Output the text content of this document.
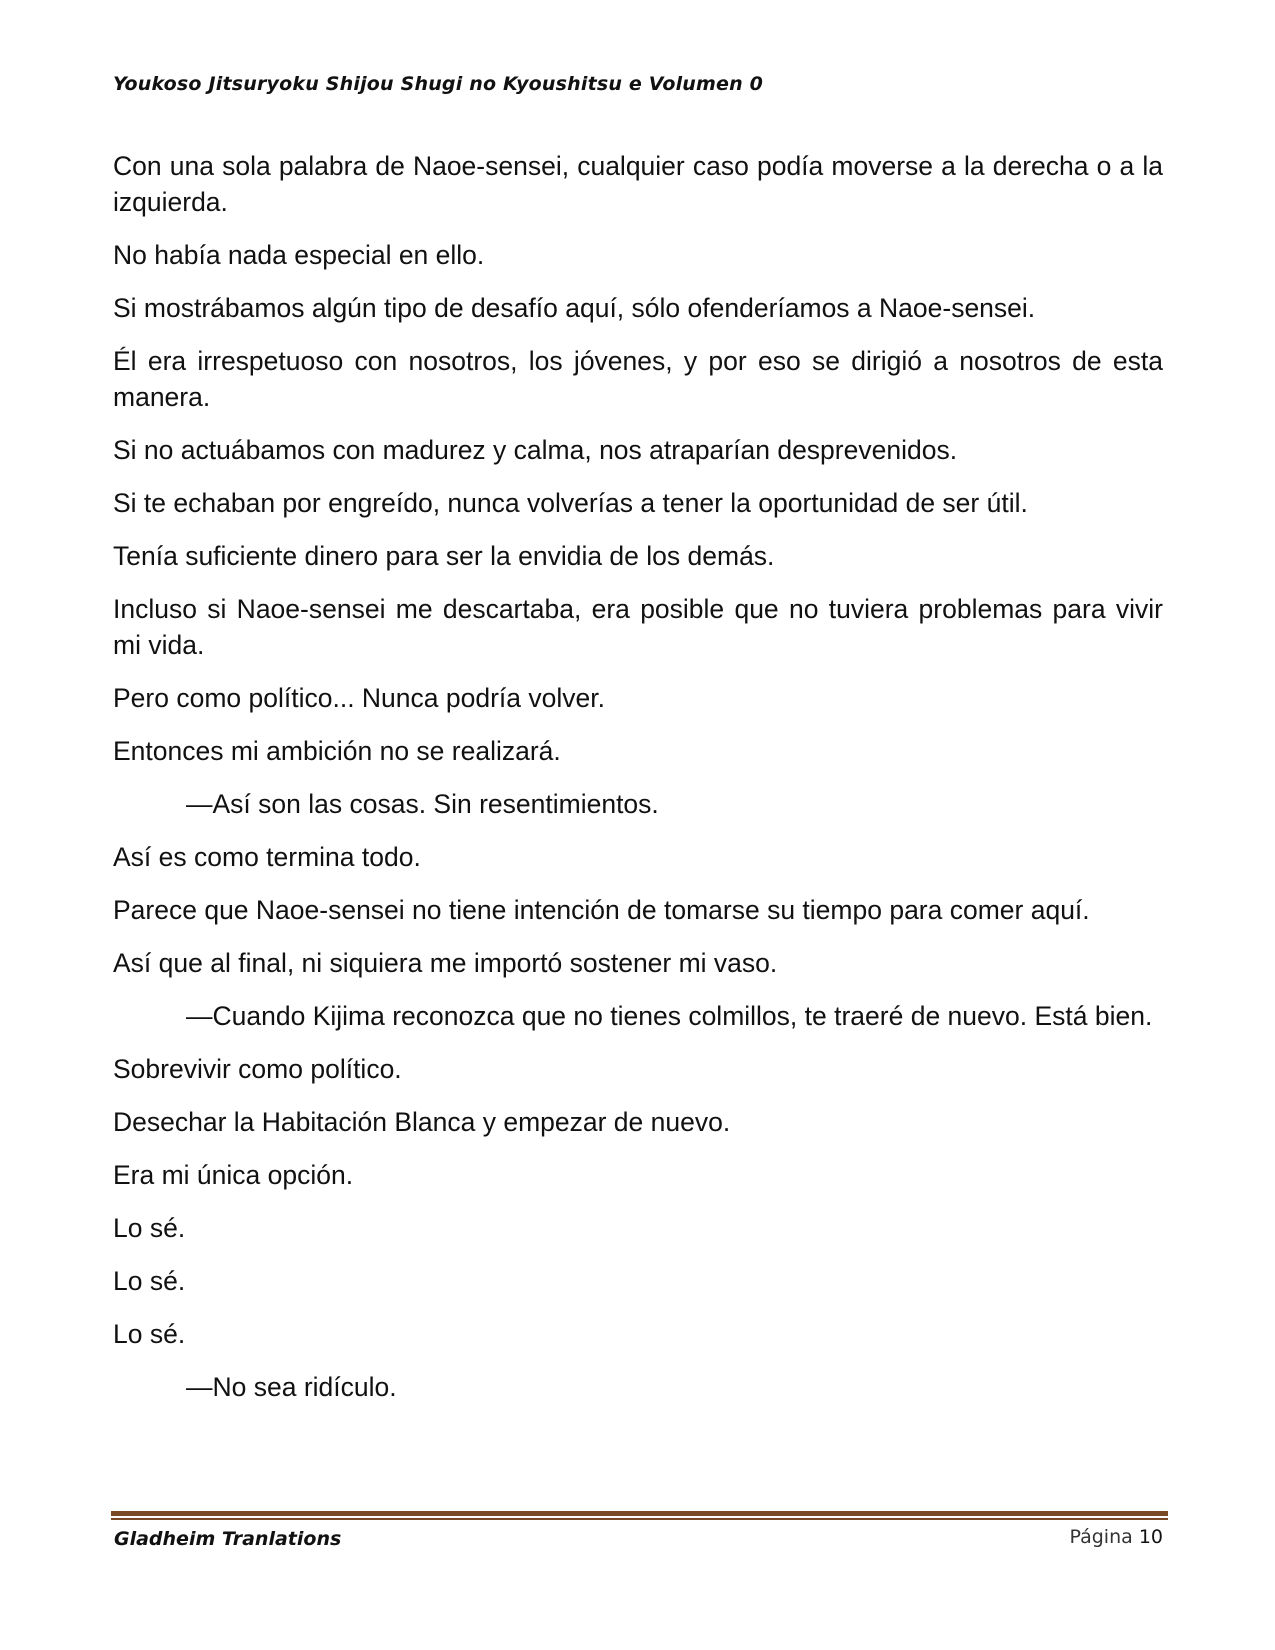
Youkoso Jitsuryoku Shijou Shugi no Kyoushitsu e Volumen 0

Con una sola palabra de Naoe-sensei, cualquier caso podía moverse a la derecha o a la izquierda.

No había nada especial en ello.

Si mostrábamos algún tipo de desafío aquí, sólo ofenderíamos a Naoe-sensei.

Él era irrespetuoso con nosotros, los jóvenes, y por eso se dirigió a nosotros de esta manera.

Si no actuábamos con madurez y calma, nos atraparían desprevenidos.

Si te echaban por engreído, nunca volverías a tener la oportunidad de ser útil.

Tenía suficiente dinero para ser la envidia de los demás.

Incluso si Naoe-sensei me descartaba, era posible que no tuviera problemas para vivir mi vida.

Pero como político... Nunca podría volver.

Entonces mi ambición no se realizará.

—Así son las cosas. Sin resentimientos.

Así es como termina todo.

Parece que Naoe-sensei no tiene intención de tomarse su tiempo para comer aquí.

Así que al final, ni siquiera me importó sostener mi vaso.

—Cuando Kijima reconozca que no tienes colmillos, te traeré de nuevo. Está bien.

Sobrevivir como político.

Desechar la Habitación Blanca y empezar de nuevo.

Era mi única opción.

Lo sé.

Lo sé.

Lo sé.

—No sea ridículo.

Gladheim Tranlations	Página 10
